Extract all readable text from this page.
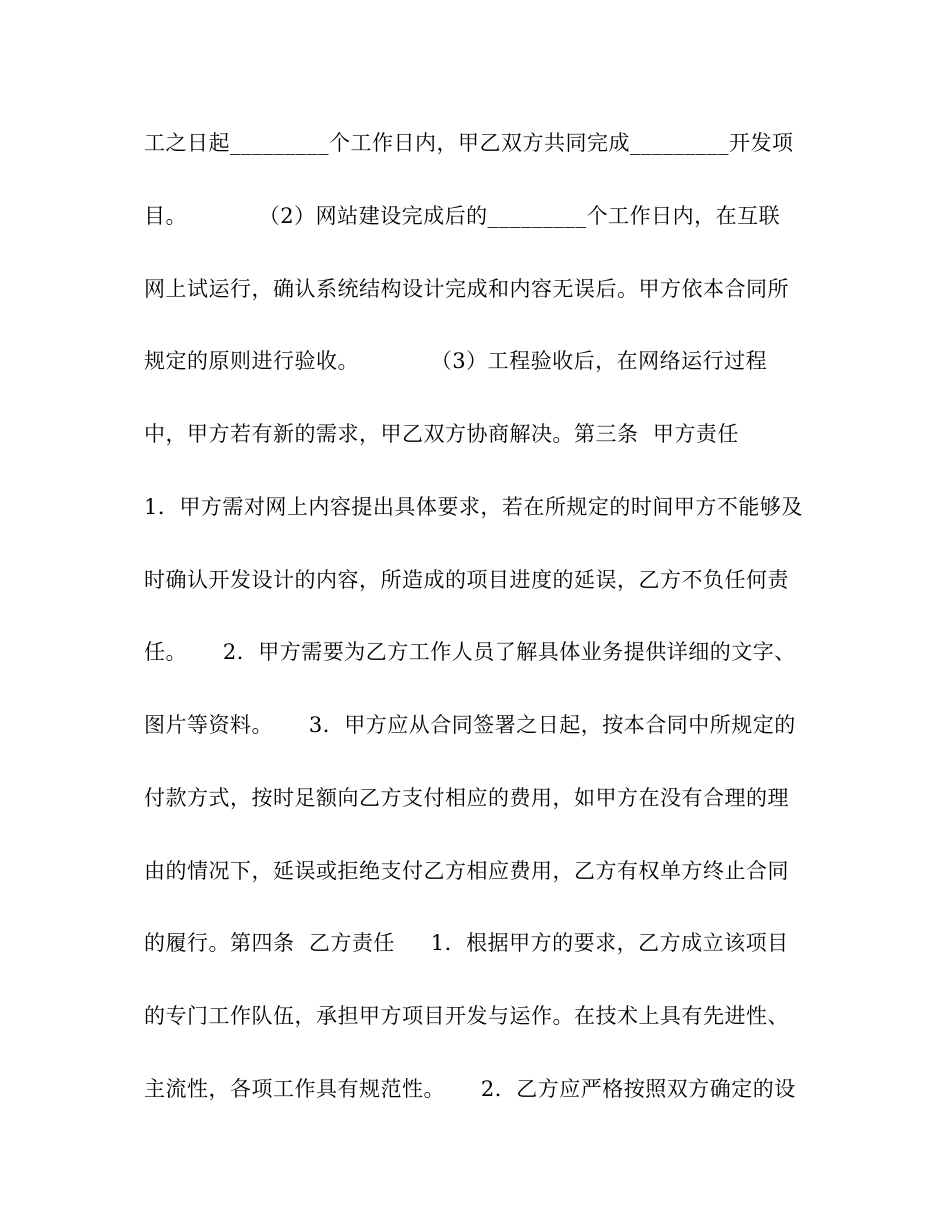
工之日起_________个工作日内，甲乙双方共同完成_________开发项
目。          （2）网站建设完成后的_________个工作日内，在互联
网上试运行，确认系统结构设计完成和内容无误后。甲方依本合同所
规定的原则进行验收。          （3）工程验收后，在网络运行过程
中，甲方若有新的需求，甲乙双方协商解决。第三条  甲方责任
1．甲方需对网上内容提出具体要求，若在所规定的时间甲方不能够及
时确认开发设计的内容，所造成的项目进度的延误，乙方不负任何责
任。     2．甲方需要为乙方工作人员了解具体业务提供详细的文字、
图片等资料。     3．甲方应从合同签署之日起，按本合同中所规定的
付款方式，按时足额向乙方支付相应的费用，如甲方在没有合理的理
由的情况下，延误或拒绝支付乙方相应费用，乙方有权单方终止合同
的履行。第四条  乙方责任     1．根据甲方的要求，乙方成立该项目
的专门工作队伍，承担甲方项目开发与运作。在技术上具有先进性、
主流性，各项工作具有规范性。     2．乙方应严格按照双方确定的设
